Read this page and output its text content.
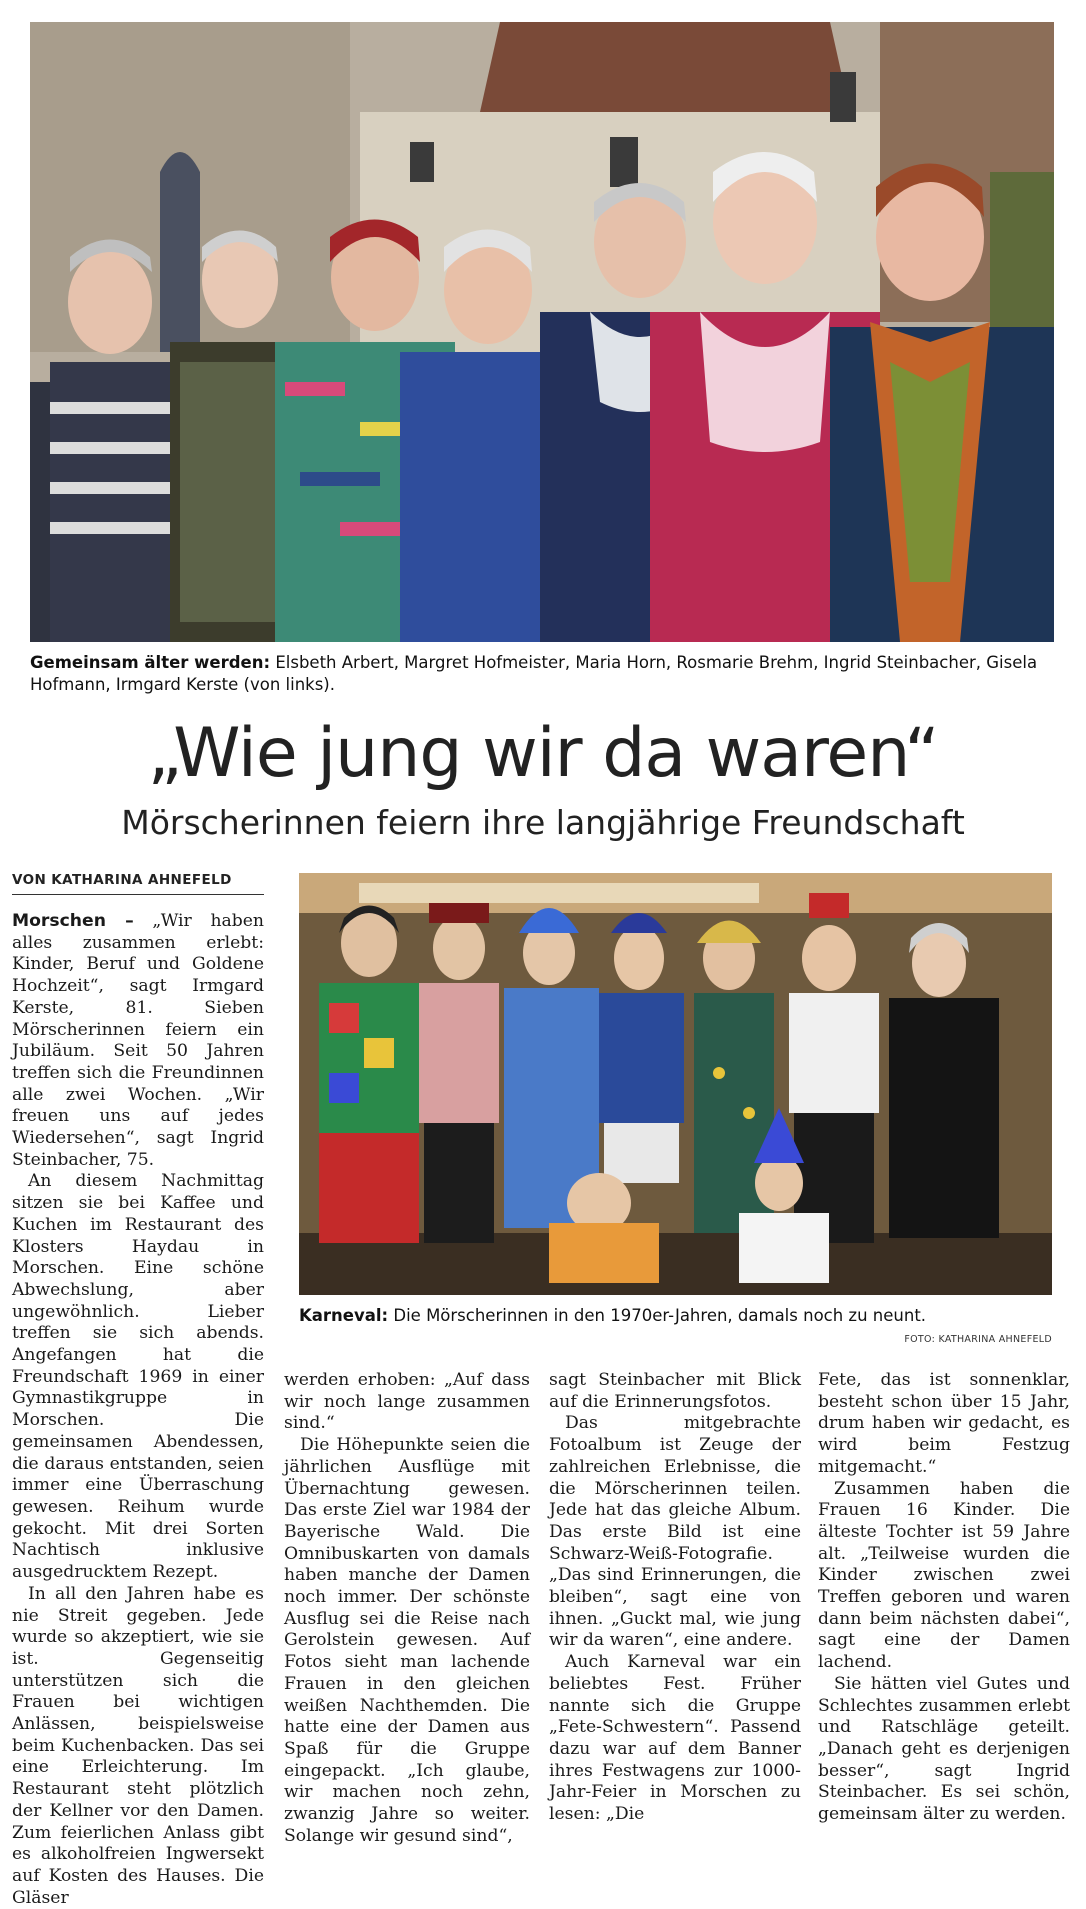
Gemeinsam älter werden: Elsbeth Arbert, Margret Hofmeister, Maria Horn, Rosmarie Brehm, Ingrid Steinbacher, Gisela Hofmann, Irmgard Kerste (von links).
„Wie jung wir da waren“
Mörscherinnen feiern ihre langjährige Freundschaft
VON KATHARINA AHNEFELD
Karneval: Die Mörscherinnen in den 1970er-Jahren, damals noch zu neunt.
FOTO: KATHARINA AHNEFELD

Morschen – „Wir haben alles zusammen erlebt: Kinder, Beruf und Goldene Hochzeit“, sagt Irmgard Kerste, 81. Sieben Mörscherinnen feiern ein Jubiläum. Seit 50 Jahren treffen sich die Freundinnen alle zwei Wochen. „Wir freuen uns auf jedes Wiedersehen“, sagt Ingrid Steinbacher, 75.

An diesem Nachmittag sitzen sie bei Kaffee und Kuchen im Restaurant des Klosters Haydau in Morschen. Eine schöne Abwechslung, aber ungewöhnlich. Lieber treffen sie sich abends. Angefangen hat die Freundschaft 1969 in einer Gymnastikgruppe in Morschen. Die gemeinsamen Abendessen, die daraus entstanden, seien immer eine Überraschung gewesen. Reihum wurde gekocht. Mit drei Sorten Nachtisch inklusive ausgedrucktem Rezept.

In all den Jahren habe es nie Streit gegeben. Jede wurde so akzeptiert, wie sie ist. Gegenseitig unterstützen sich die Frauen bei wichtigen Anlässen, beispielsweise beim Kuchenbacken. Das sei eine Erleichterung. Im Restaurant steht plötzlich der Kellner vor den Damen. Zum feierlichen Anlass gibt es alkoholfreien Ingwersekt auf Kosten des Hauses. Die Gläser

werden erhoben: „Auf dass wir noch lange zusammen sind.“

Die Höhepunkte seien die jährlichen Ausflüge mit Übernachtung gewesen. Das erste Ziel war 1984 der Bayerische Wald. Die Omnibuskarten von damals haben manche der Damen noch immer. Der schönste Ausflug sei die Reise nach Gerolstein gewesen. Auf Fotos sieht man lachende Frauen in den gleichen weißen Nachthemden. Die hatte eine der Damen aus Spaß für die Gruppe eingepackt. „Ich glaube, wir machen noch zehn, zwanzig Jahre so weiter. Solange wir gesund sind“,

sagt Steinbacher mit Blick auf die Erinnerungsfotos.

Das mitgebrachte Fotoalbum ist Zeuge der zahlreichen Erlebnisse, die die Mörscherinnen teilen. Jede hat das gleiche Album. Das erste Bild ist eine Schwarz-Weiß-Fotografie. „Das sind Erinnerungen, die bleiben“, sagt eine von ihnen. „Guckt mal, wie jung wir da waren“, eine andere.

Auch Karneval war ein beliebtes Fest. Früher nannte sich die Gruppe „Fete-Schwestern“. Passend dazu war auf dem Banner ihres Festwagens zur 1000-Jahr-Feier in Morschen zu lesen: „Die

Fete, das ist sonnenklar, besteht schon über 15 Jahr, drum haben wir gedacht, es wird beim Festzug mitgemacht.“

Zusammen haben die Frauen 16 Kinder. Die älteste Tochter ist 59 Jahre alt. „Teilweise wurden die Kinder zwischen zwei Treffen geboren und waren dann beim nächsten dabei“, sagt eine der Damen lachend.

Sie hätten viel Gutes und Schlechtes zusammen erlebt und Ratschläge geteilt. „Danach geht es derjenigen besser“, sagt Ingrid Steinbacher. Es sei schön, gemeinsam älter zu werden.
